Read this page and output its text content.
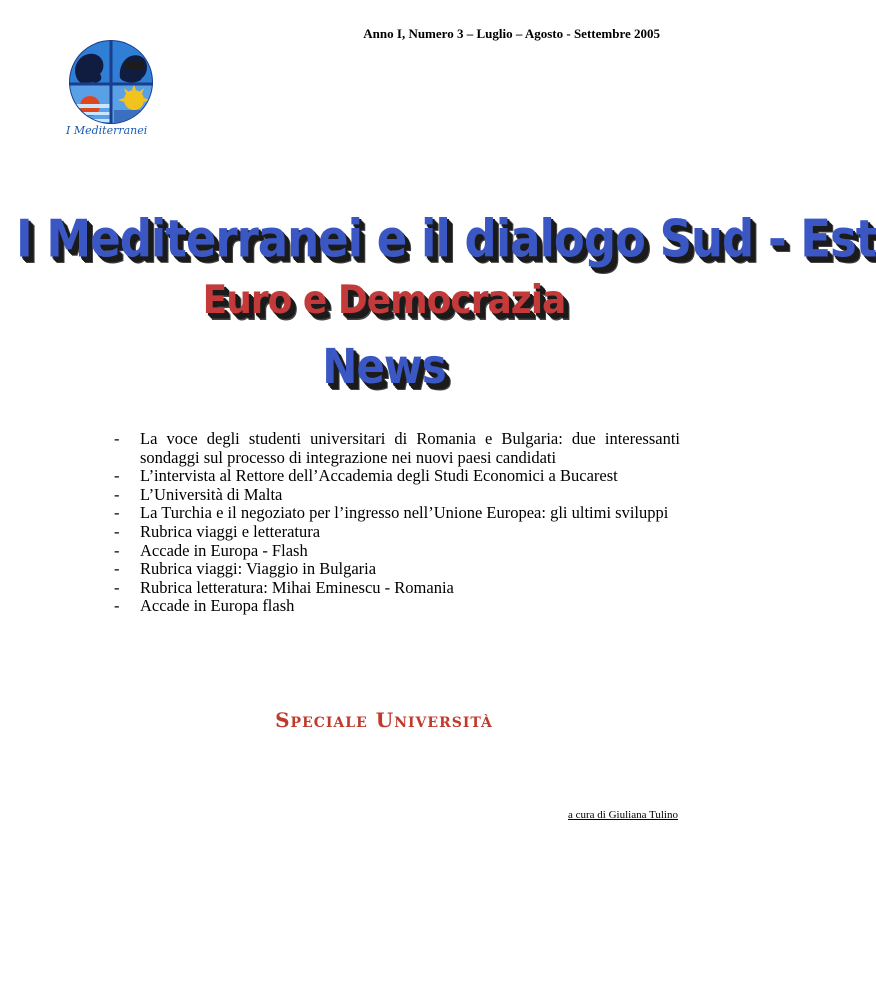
Anno I, Numero 3 – Luglio – Agosto - Settembre 2005
I Mediterranei
I Mediterranei e il dialogo Sud - Est
Euro e Democrazia
News
- La voce degli studenti universitari di Romania e Bulgaria: due interessanti sondaggi sul processo di integrazione nei nuovi paesi candidati
- L’intervista al Rettore dell’Accademia degli Studi Economici a Bucarest
- L’Università di Malta
- La Turchia e il negoziato per l’ingresso nell’Unione Europea: gli ultimi sviluppi
- Rubrica viaggi e letteratura
- Accade in Europa - Flash
- Rubrica viaggi: Viaggio in Bulgaria
- Rubrica letteratura: Mihai Eminescu - Romania
- Accade in Europa flash
Speciale Università
a cura di Giuliana Tulino
